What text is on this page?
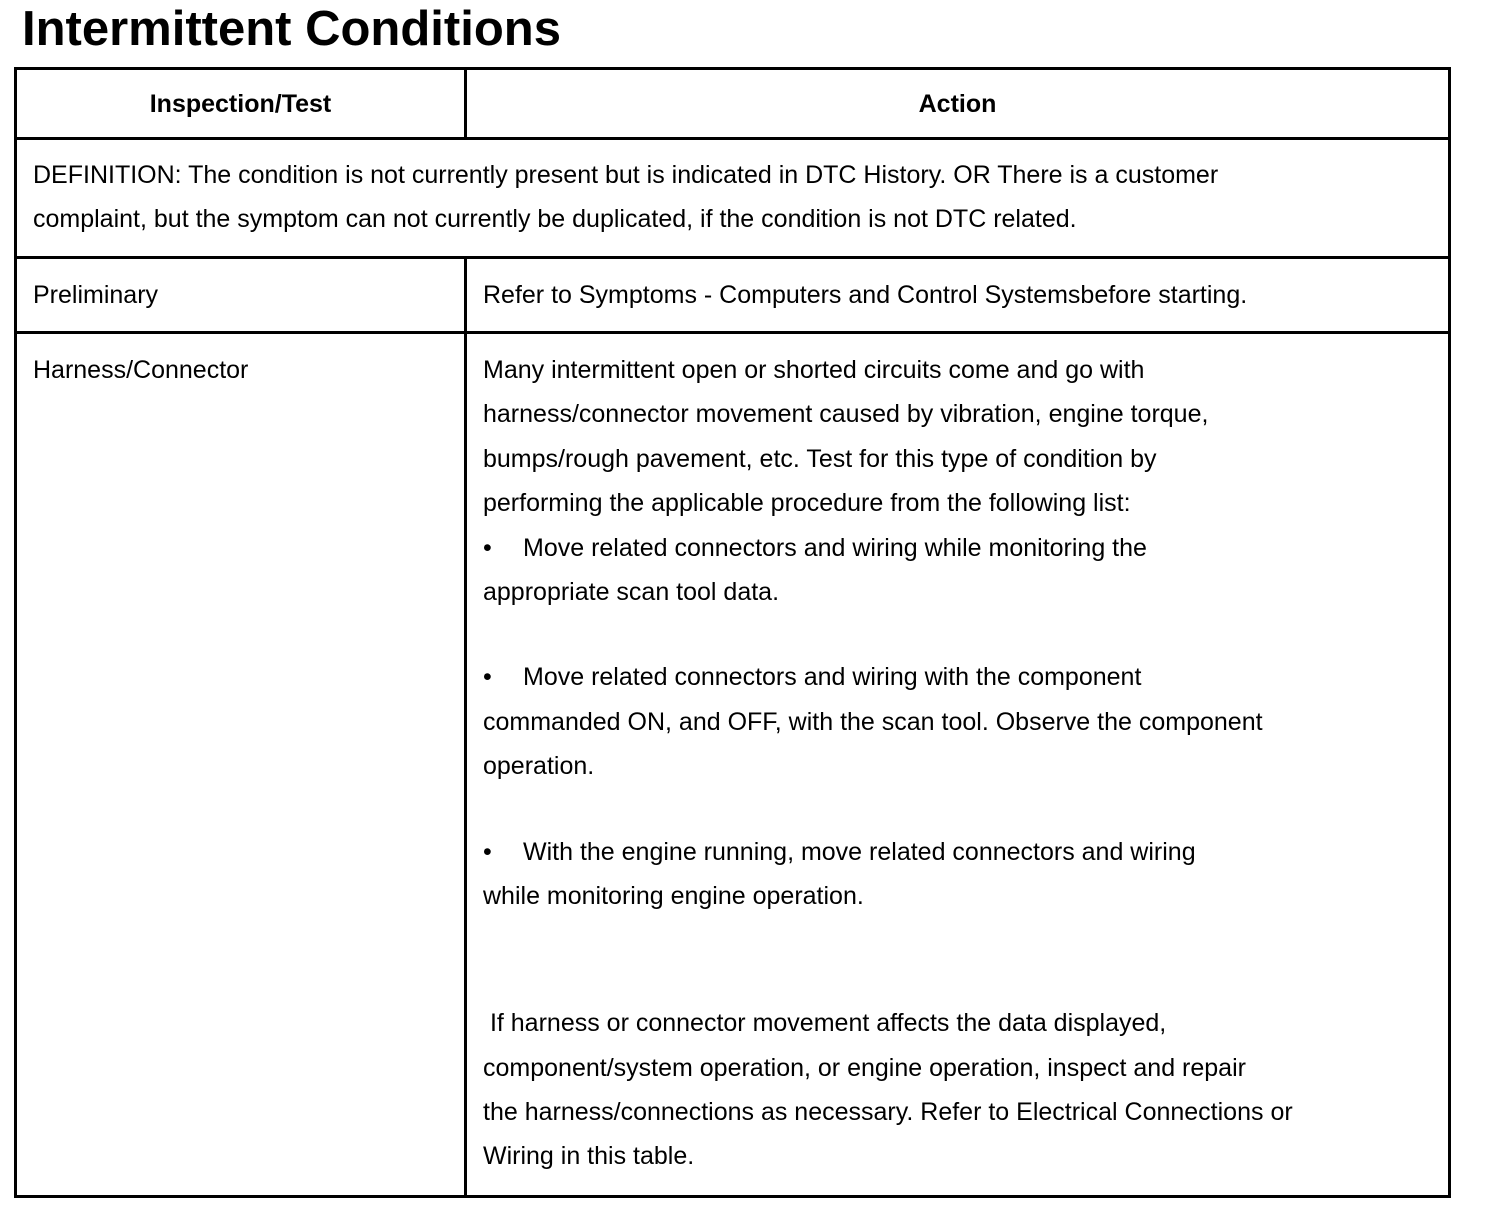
Intermittent Conditions
Inspection/Test	Action
DEFINITION: The condition is not currently present but is indicated in DTC History. OR There is a customer
complaint, but the symptom can not currently be duplicated, if the condition is not DTC related.
Preliminary	Refer to Symptoms - Computers and Control Systemsbefore starting.
Harness/Connector	Many intermittent open or shorted circuits come and go with
harness/connector movement caused by vibration, engine torque,
bumps/rough pavement, etc. Test for this type of condition by
performing the applicable procedure from the following list:
• Move related connectors and wiring while monitoring the
appropriate scan tool data.
• Move related connectors and wiring with the component
commanded ON, and OFF, with the scan tool. Observe the component
operation.
• With the engine running, move related connectors and wiring
while monitoring engine operation.
If harness or connector movement affects the data displayed,
component/system operation, or engine operation, inspect and repair
the harness/connections as necessary. Refer to Electrical Connections or
Wiring in this table.
